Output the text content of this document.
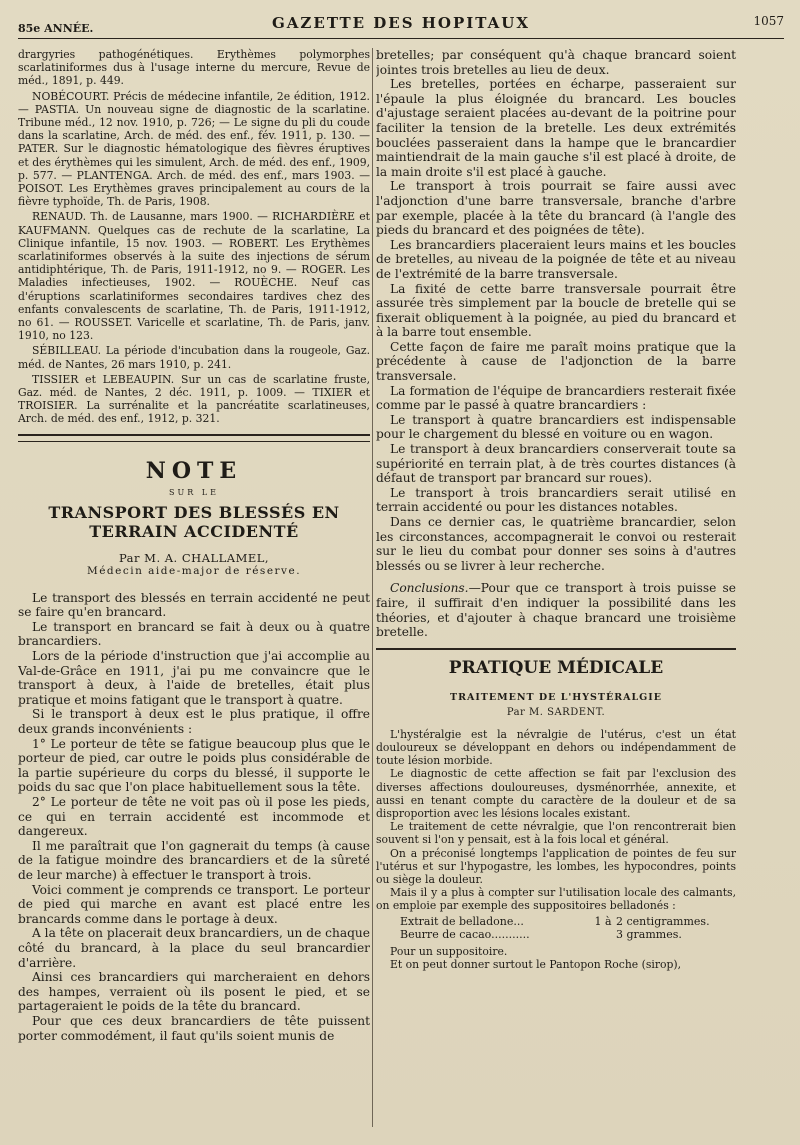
85e ANNÉE.	GAZETTE DES HOPITAUX	1057

drargyries pathogénétiques. Erythèmes polymorphes scarlatiniformes dus à l'usage interne du mercure, Revue de méd., 1891, p. 449.

NOBÉCOURT. Précis de médecine infantile, 2e édition, 1912. — PASTIA. Un nouveau signe de diagnostic de la scarlatine. Tribune méd., 12 nov. 1910, p. 726; — Le signe du pli du coude dans la scarlatine, Arch. de méd. des enf., fév. 1911, p. 130. — PATER. Sur le diagnostic hématologique des fièvres éruptives et des érythèmes qui les simulent, Arch. de méd. des enf., 1909, p. 577. — PLANTENGA. Arch. de méd. des enf., mars 1903. — POISOT. Les Erythèmes graves principalement au cours de la fièvre typhoïde, Th. de Paris, 1908.

RENAUD. Th. de Lausanne, mars 1900. — RICHARDIÈRE et KAUFMANN. Quelques cas de rechute de la scarlatine, La Clinique infantile, 15 nov. 1903. — ROBERT. Les Erythèmes scarlatiniformes observés à la suite des injections de sérum antidiphtérique, Th. de Paris, 1911-1912, no 9. — ROGER. Les Maladies infectieuses, 1902. — ROUÈCHE. Neuf cas d'éruptions scarlatiniformes secondaires tardives chez des enfants convalescents de scarlatine, Th. de Paris, 1911-1912, no 61. — ROUSSET. Varicelle et scarlatine, Th. de Paris, janv. 1910, no 123.

SÉBILLEAU. La période d'incubation dans la rougeole, Gaz. méd. de Nantes, 26 mars 1910, p. 241.

TISSIER et LEBEAUPIN. Sur un cas de scarlatine fruste, Gaz. méd. de Nantes, 2 déc. 1911, p. 1009. — TIXIER et TROISIER. La surrénalite et la pancréatite scarlatineuses, Arch. de méd. des enf., 1912, p. 321.

NOTE
SUR LE
TRANSPORT DES BLESSÉS EN TERRAIN ACCIDENTÉ
Par M. A. CHALLAMEL,
Médecin aide-major de réserve.

Le transport des blessés en terrain accidenté ne peut se faire qu'en brancard.

Le transport en brancard se fait à deux ou à quatre brancardiers.

Lors de la période d'instruction que j'ai accomplie au Val-de-Grâce en 1911, j'ai pu me convaincre que le transport à deux, à l'aide de bretelles, était plus pratique et moins fatigant que le transport à quatre.

Si le transport à deux est le plus pratique, il offre deux grands inconvénients :

1° Le porteur de tête se fatigue beaucoup plus que le porteur de pied, car outre le poids plus considérable de la partie supérieure du corps du blessé, il supporte le poids du sac que l'on place habituellement sous la tête.

2° Le porteur de tête ne voit pas où il pose les pieds, ce qui en terrain accidenté est incommode et dangereux.

Il me paraîtrait que l'on gagnerait du temps (à cause de la fatigue moindre des brancardiers et de la sûreté de leur marche) à effectuer le transport à trois.

Voici comment je comprends ce transport. Le porteur de pied qui marche en avant est placé entre les brancards comme dans le portage à deux.

A la tête on placerait deux brancardiers, un de chaque côté du brancard, à la place du seul brancardier d'arrière.

Ainsi ces brancardiers qui marcheraient en dehors des hampes, verraient où ils posent le pied, et se partageraient le poids de la tête du brancard.

Pour que ces deux brancardiers de tête puissent porter commodément, il faut qu'ils soient munis de

bretelles; par conséquent qu'à chaque brancard soient jointes trois bretelles au lieu de deux.

Les bretelles, portées en écharpe, passeraient sur l'épaule la plus éloignée du brancard. Les boucles d'ajustage seraient placées au-devant de la poitrine pour faciliter la tension de la bretelle. Les deux extrémités bouclées passeraient dans la hampe que le brancardier maintiendrait de la main gauche s'il est placé à droite, de la main droite s'il est placé à gauche.

Le transport à trois pourrait se faire aussi avec l'adjonction d'une barre transversale, branche d'arbre par exemple, placée à la tête du brancard (à l'angle des pieds du brancard et des poignées de tête).

Les brancardiers placeraient leurs mains et les boucles de bretelles, au niveau de la poignée de tête et au niveau de l'extrémité de la barre transversale.

La fixité de cette barre transversale pourrait être assurée très simplement par la boucle de bretelle qui se fixerait obliquement à la poignée, au pied du brancard et à la barre tout ensemble.

Cette façon de faire me paraît moins pratique que la précédente à cause de l'adjonction de la barre transversale.

La formation de l'équipe de brancardiers resterait fixée comme par le passé à quatre brancardiers :

Le transport à quatre brancardiers est indispensable pour le chargement du blessé en voiture ou en wagon.

Le transport à deux brancardiers conserverait toute sa supériorité en terrain plat, à de très courtes distances (à défaut de transport par brancard sur roues).

Le transport à trois brancardiers serait utilisé en terrain accidenté ou pour les distances notables.

Dans ce dernier cas, le quatrième brancardier, selon les circonstances, accompagnerait le convoi ou resterait sur le lieu du combat pour donner ses soins à d'autres blessés ou se livrer à leur recherche.

Conclusions.—Pour que ce transport à trois puisse se faire, il suffirait d'en indiquer la possibilité dans les théories, et d'ajouter à chaque brancard une troisième bretelle.

PRATIQUE MÉDICALE
TRAITEMENT DE L'HYSTÉRALGIE
Par M. SARDENT.

L'hystéralgie est la névralgie de l'utérus, c'est un état douloureux se développant en dehors ou indépendamment de toute lésion morbide.

Le diagnostic de cette affection se fait par l'exclusion des diverses affections douloureuses, dysménorrhée, annexite, et aussi en tenant compte du caractère de la douleur et de sa disproportion avec les lésions locales existant.

Le traitement de cette névralgie, que l'on rencontrerait bien souvent si l'on y pensait, est à la fois local et général.

On a préconisé longtemps l'application de pointes de feu sur l'utérus et sur l'hypogastre, les lombes, les hypocondres, points ou siège la douleur.

Mais il y a plus à compter sur l'utilisation locale des calmants, on emploie par exemple des suppositoires belladonés :

Extrait de belladone...	1 à	2 centigrammes.
Beurre de cacao...........		3 grammes.

Pour un suppositoire.

Et on peut donner surtout le Pantopon Roche (sirop),
